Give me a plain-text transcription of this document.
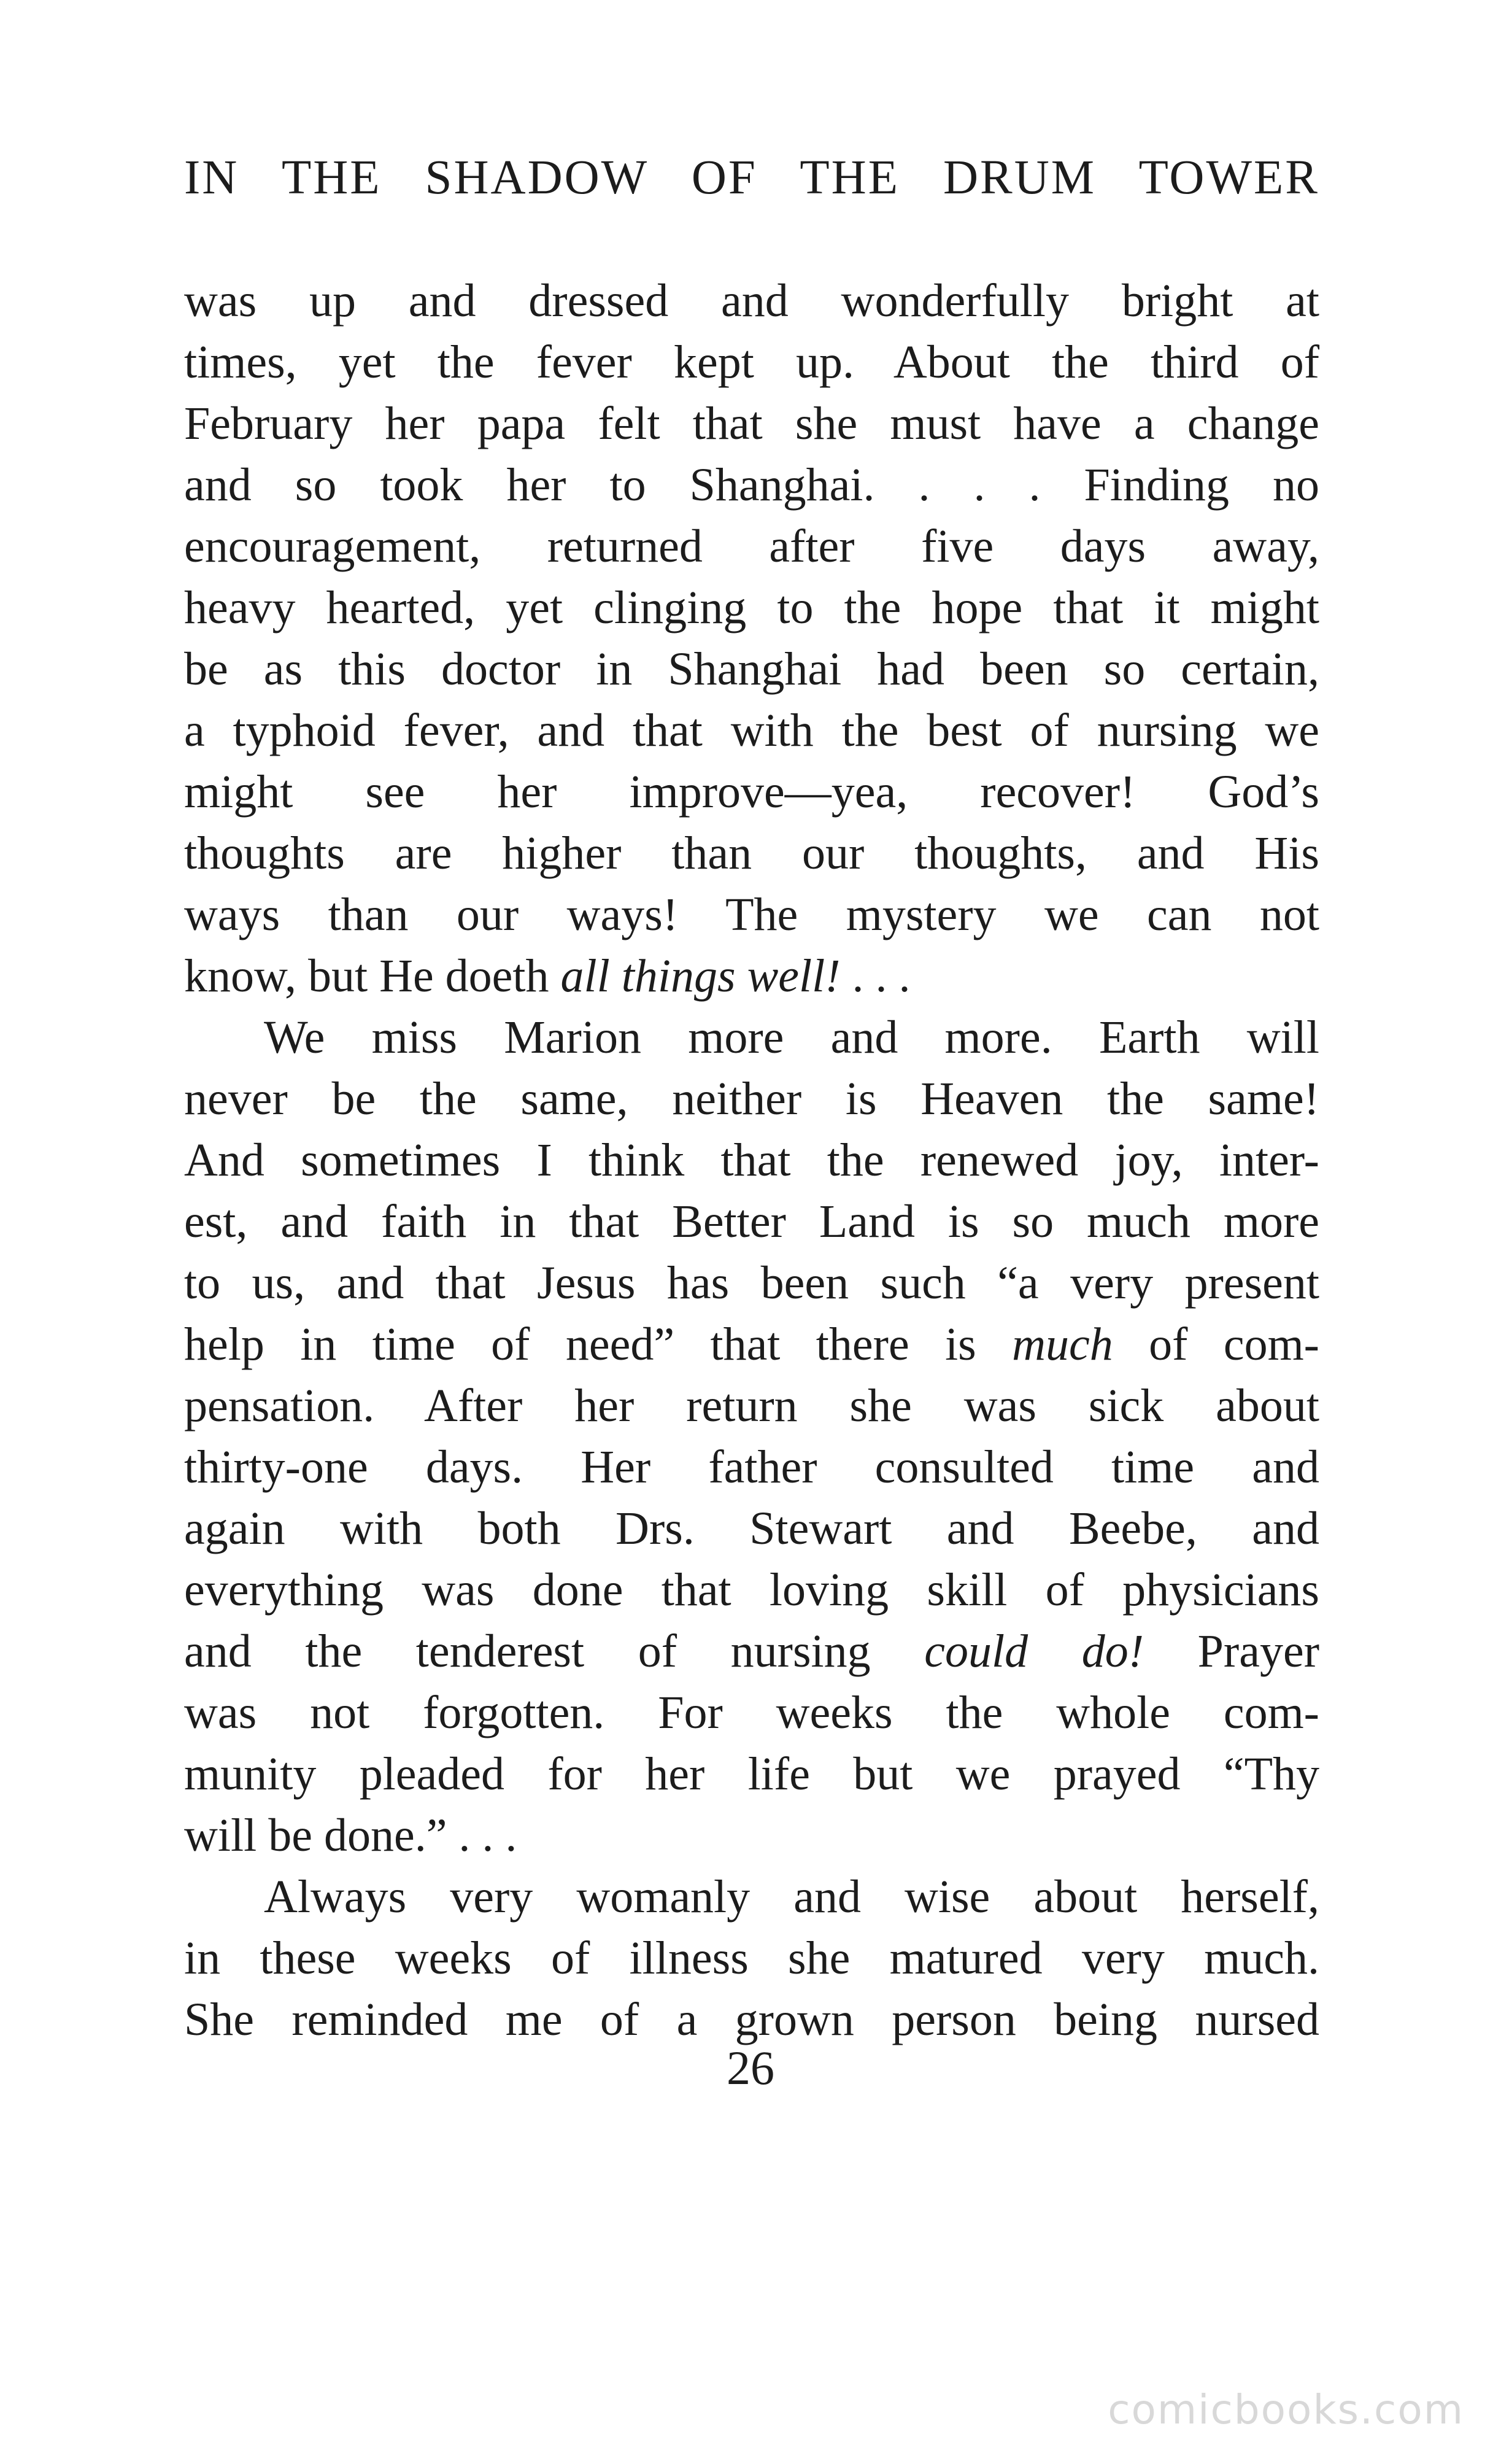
IN THE SHADOW OF THE DRUM TOWER
was up and dressed and wonderfully bright at
times, yet the fever kept up. About the third of
February her papa felt that she must have a change
and so took her to Shanghai. . . . Finding no
encouragement, returned after five days away,
heavy hearted, yet clinging to the hope that it might
be as this doctor in Shanghai had been so certain,
a typhoid fever, and that with the best of nursing we
might see her improve—yea, recover! God’s
thoughts are higher than our thoughts, and His
ways than our ways! The mystery we can not
know, but He doeth all things well! . . .
We miss Marion more and more. Earth will
never be the same, neither is Heaven the same!
And sometimes I think that the renewed joy, inter-
est, and faith in that Better Land is so much more
to us, and that Jesus has been such “a very present
help in time of need” that there is much of com-
pensation. After her return she was sick about
thirty-one days. Her father consulted time and
again with both Drs. Stewart and Beebe, and
everything was done that loving skill of physicians
and the tenderest of nursing could do! Prayer
was not forgotten. For weeks the whole com-
munity pleaded for her life but we prayed “Thy
will be done.” . . .
Always very womanly and wise about herself,
in these weeks of illness she matured very much.
She reminded me of a grown person being nursed
26
comicbooks.com
